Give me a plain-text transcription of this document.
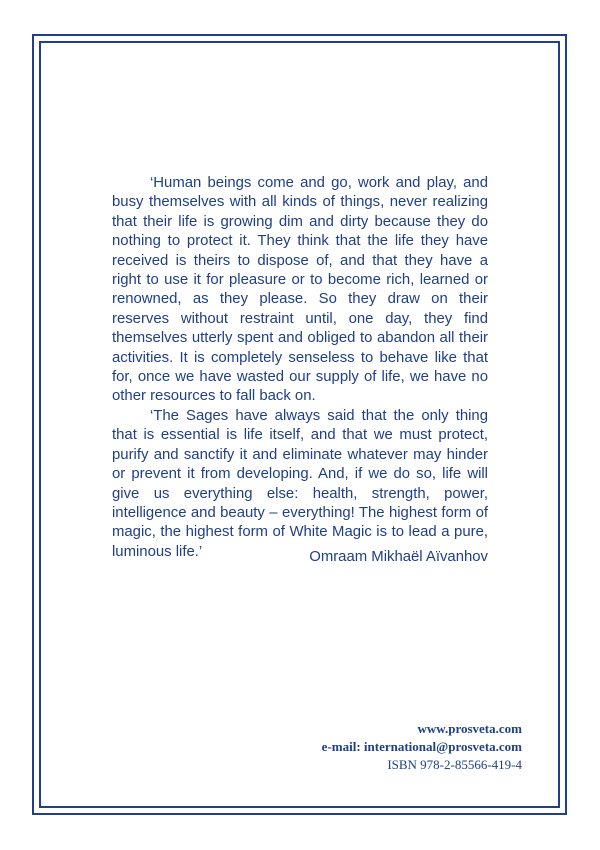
‘Human beings come and go, work and play, and busy themselves with all kinds of things, never realizing that their life is growing dim and dirty because they do nothing to protect it. They think that the life they have received is theirs to dispose of, and that they have a right to use it for pleasure or to become rich, learned or renowned, as they please. So they draw on their reserves without restraint until, one day, they find themselves utterly spent and obliged to abandon all their activities. It is completely senseless to behave like that for, once we have wasted our supply of life, we have no other resources to fall back on.

‘The Sages have always said that the only thing that is essential is life itself, and that we must protect, purify and sanctify it and eliminate whatever may hinder or prevent it from developing. And, if we do so, life will give us everything else: health, strength, power, intelligence and beauty – everything! The highest form of magic, the highest form of White Magic is to lead a pure, luminous life.’	Omraam Mikhaël Aïvanhov
www.prosveta.com
e-mail: international@prosveta.com
ISBN 978-2-85566-419-4
